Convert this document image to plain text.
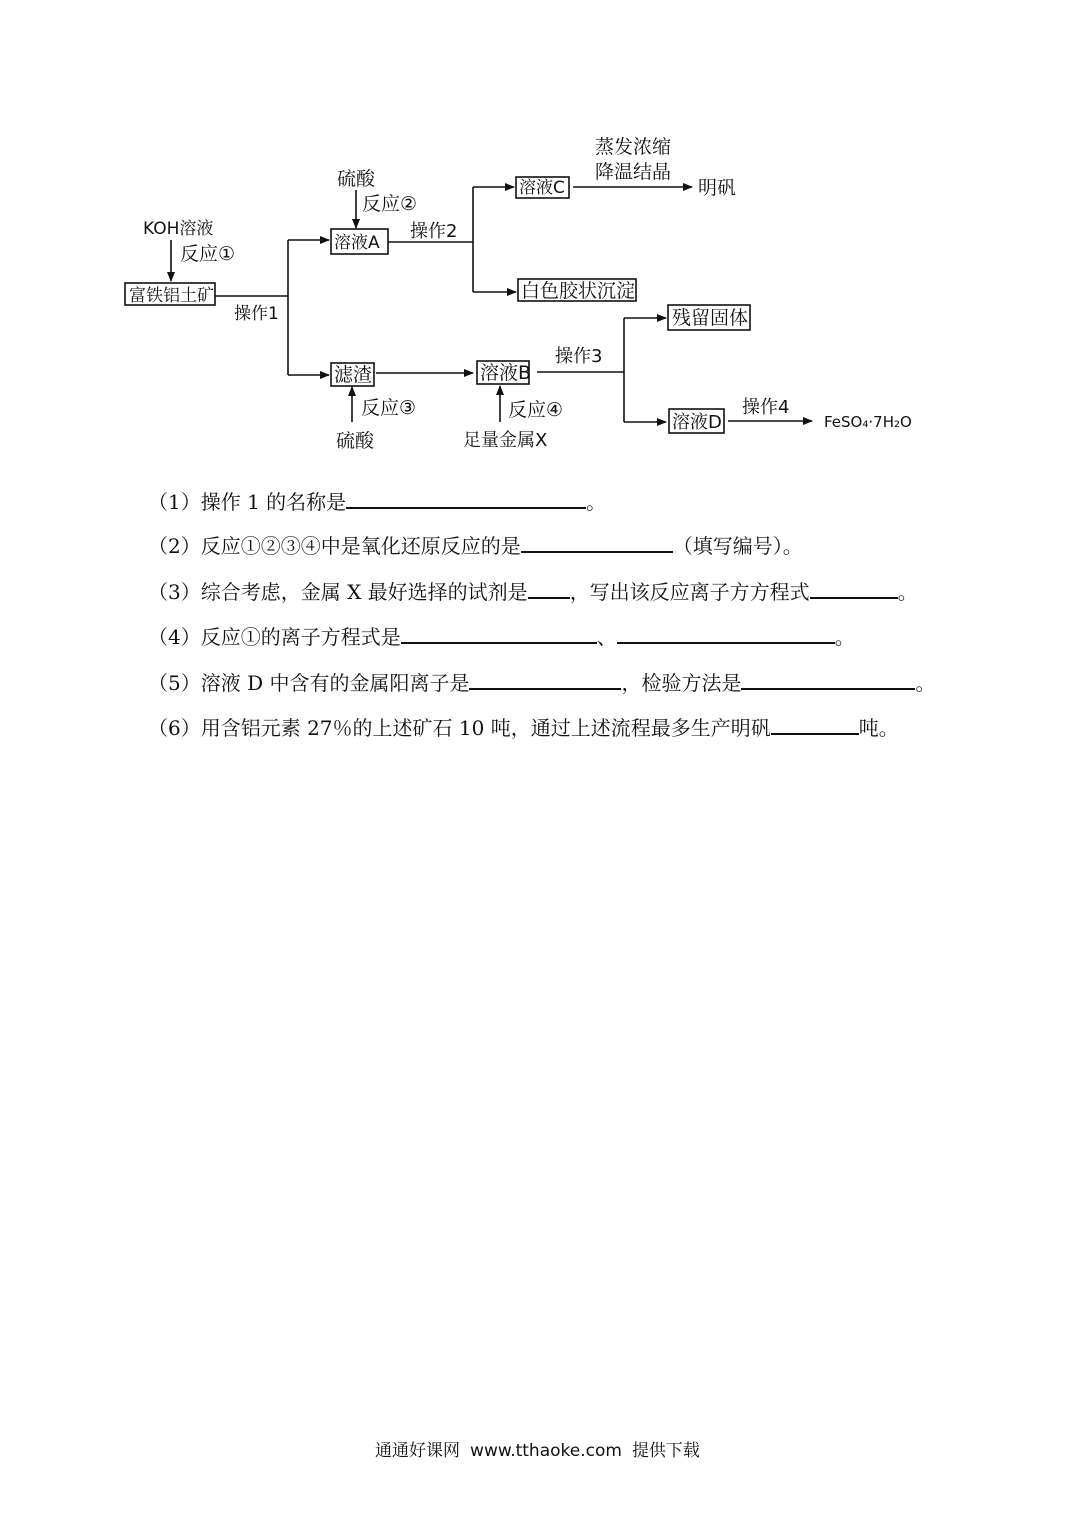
KOH溶液
反应①
富铁铝土矿
操作1
硫酸
反应②
溶液A
操作2
溶液C
蒸发浓缩
降温结晶
明矾
白色胶状沉淀
滤渣
反应③
硫酸
溶液B
反应④
足量金属X
操作3
残留固体
溶液D
操作4
FeSO₄·7H₂O
（1）操作 1 的名称是	。
（2）反应①②③④中是氧化还原反应的是	（填写编号）。
（3）综合考虑，金属 X 最好选择的试剂是 ，写出该反应离子方方程式	。
（4）反应①的离子方程式是	、	。
（5）溶液 D 中含有的金属阳离子是	，检验方法是	。
（6）用含铝元素 27％的上述矿石 10 吨，通过上述流程最多生产明矾	吨。
通通好课网 www.tthaoke.com 提供下载
